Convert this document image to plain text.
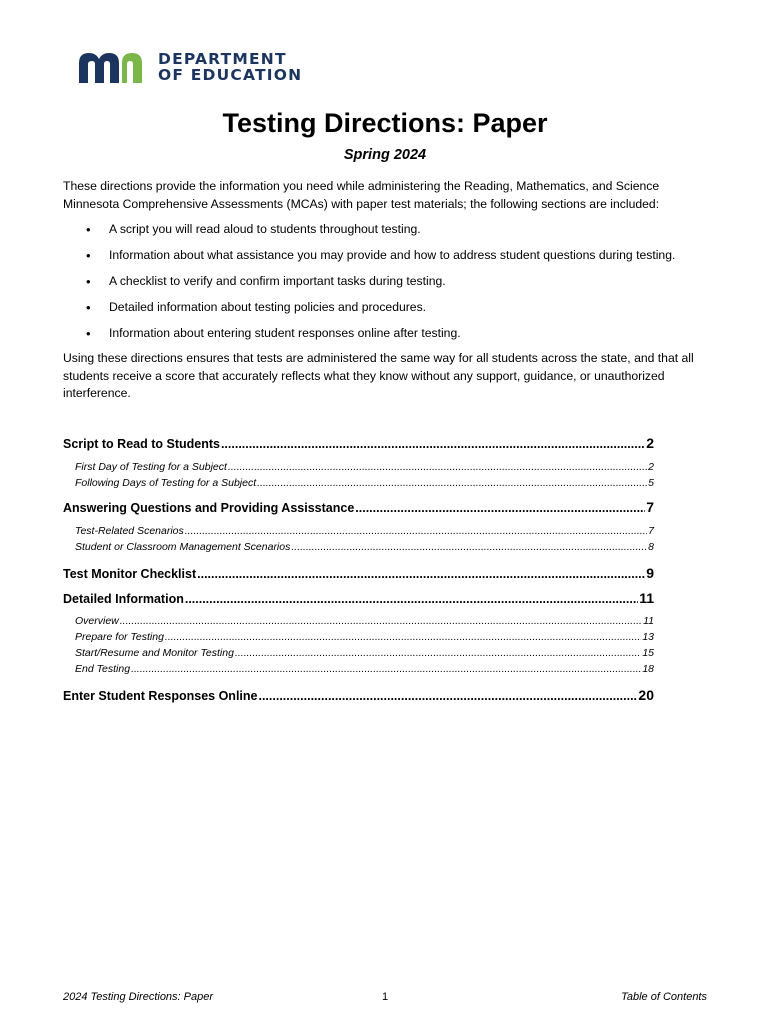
DEPARTMENT
OF EDUCATION
Testing Directions: Paper
Spring 2024
These directions provide the information you need while administering the Reading, Mathematics, and Science Minnesota Comprehensive Assessments (MCAs) with paper test materials; the following sections are included:
• A script you will read aloud to students throughout testing.
• Information about what assistance you may provide and how to address student questions during testing.
• A checklist to verify and confirm important tasks during testing.
• Detailed information about testing policies and procedures.
• Information about entering student responses online after testing.
Using these directions ensures that tests are administered the same way for all students across the state, and that all students receive a score that accurately reflects what they know without any support, guidance, or unauthorized interference.
Script to Read to Students .....	2
First Day of Testing for a Subject .....	2
Following Days of Testing for a Subject .....	5
Answering Questions and Providing Assisstance .....	7
Test-Related Scenarios .....	7
Student or Classroom Management Scenarios .....	8
Test Monitor Checklist .....	9
Detailed Information .....	11
Overview .....	11
Prepare for Testing .....	13
Start/Resume and Monitor Testing .....	15
End Testing .....	18
Enter Student Responses Online .....	20
2024 Testing Directions: Paper	1	Table of Contents
